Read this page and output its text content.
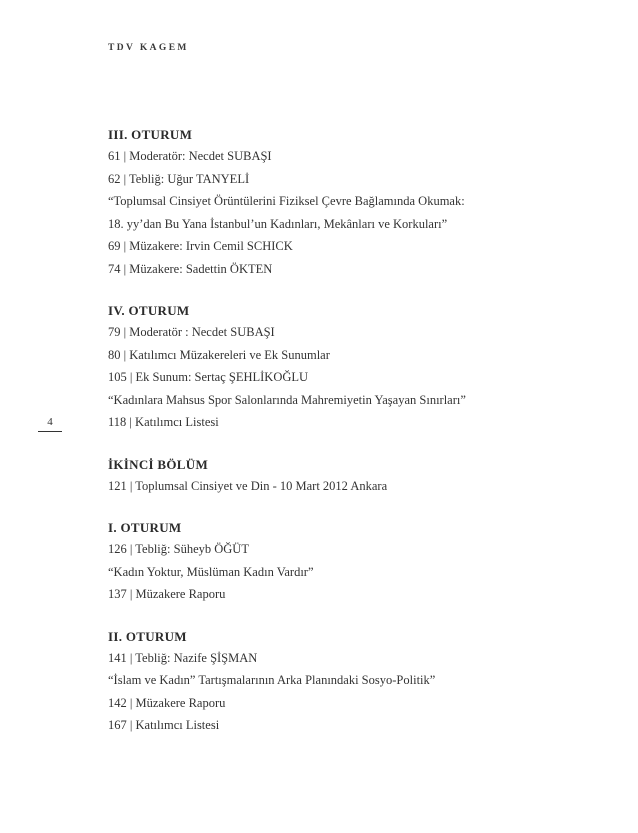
TDV KAGEM
4
III. OTURUM
61 | Moderatör: Necdet SUBAŞI
62 | Tebliğ: Uğur TANYELİ
“Toplumsal Cinsiyet Örüntülerini Fiziksel Çevre Bağlamında Okumak:
18. yy’dan Bu Yana İstanbul’un Kadınları, Mekânları ve Korkuları”
69 | Müzakere: Irvin Cemil SCHICK
74 | Müzakere: Sadettin ÖKTEN
IV. OTURUM
79 | Moderatör : Necdet SUBAŞI
80 | Katılımcı Müzakereleri ve Ek Sunumlar
105 | Ek Sunum: Sertaç ŞEHLİKOĞLU
“Kadınlara Mahsus Spor Salonlarında Mahremiyetin Yaşayan Sınırları”
118 | Katılımcı Listesi
İKİNCİ BÖLÜM
121 | Toplumsal Cinsiyet ve Din - 10 Mart 2012 Ankara
I. OTURUM
126 | Tebliğ: Süheyb ÖĞÜT
“Kadın Yoktur, Müslüman Kadın Vardır”
137 | Müzakere Raporu
II. OTURUM
141 | Tebliğ: Nazife ŞİŞMAN
“İslam ve Kadın” Tartışmalarının Arka Planındaki Sosyo-Politik”
142 | Müzakere Raporu
167 | Katılımcı Listesi
